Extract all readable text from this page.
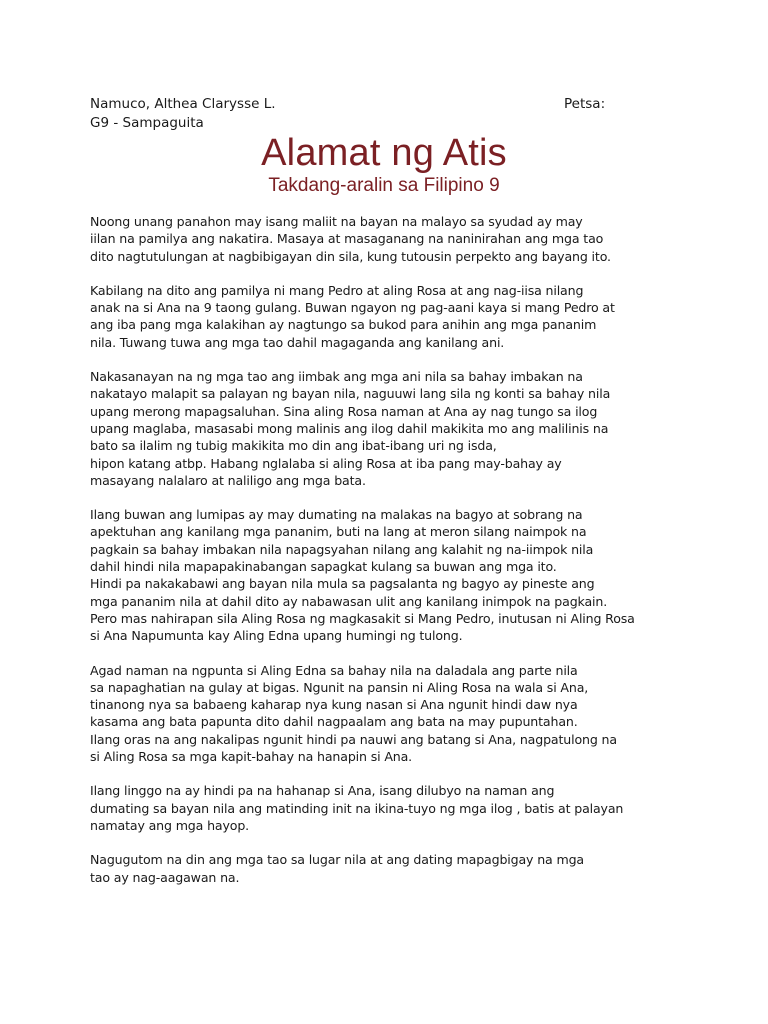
Namuco, Althea Clarysse L.
G9 - Sampaguita
Petsa:
Alamat ng Atis
Takdang-aralin sa Filipino 9

Noong unang panahon may isang maliit na bayan na malayo sa syudad ay may
iilan na pamilya ang nakatira. Masaya at masaganang na naninirahan ang mga tao
dito nagtutulungan at nagbibigayan din sila, kung tutousin perpekto ang bayang ito.

Kabilang na dito ang pamilya ni mang Pedro at aling Rosa at ang nag-iisa nilang
anak na si Ana na 9 taong gulang. Buwan ngayon ng pag-aani kaya si mang Pedro at
ang iba pang mga kalakihan ay nagtungo sa bukod para anihin ang mga pananim
nila. Tuwang tuwa ang mga tao dahil magaganda ang kanilang ani.

Nakasanayan na ng mga tao ang iimbak ang mga ani nila sa bahay imbakan na
nakatayo malapit sa palayan ng bayan nila, naguuwi lang sila ng konti sa bahay nila
upang merong mapagsaluhan. Sina aling Rosa naman at Ana ay nag tungo sa ilog
upang maglaba, masasabi mong malinis ang ilog dahil makikita mo ang malilinis na
bato sa ilalim ng tubig makikita mo din ang ibat-ibang uri ng isda,
hipon katang atbp. Habang nglalaba si aling Rosa at iba pang may-bahay ay
masayang nalalaro at naliligo ang mga bata.

Ilang buwan ang lumipas ay may dumating na malakas na bagyo at sobrang na
apektuhan ang kanilang mga pananim, buti na lang at meron silang naimpok na
pagkain sa bahay imbakan nila napagsyahan nilang ang kalahit ng na-iimpok nila
dahil hindi nila mapapakinabangan sapagkat kulang sa buwan ang mga ito.
Hindi pa nakakabawi ang bayan nila mula sa pagsalanta ng bagyo ay pineste ang
mga pananim nila at dahil dito ay nabawasan ulit ang kanilang inimpok na pagkain.
Pero mas nahirapan sila Aling Rosa ng magkasakit si Mang Pedro, inutusan ni Aling Rosa
si Ana Napumunta kay Aling Edna upang humingi ng tulong.

Agad naman na ngpunta si Aling Edna sa bahay nila na daladala ang parte nila
sa napaghatian na gulay at bigas. Ngunit na pansin ni Aling Rosa na wala si Ana,
tinanong nya sa babaeng kaharap nya kung nasan si Ana ngunit hindi daw nya
kasama ang bata papunta dito dahil nagpaalam ang bata na may pupuntahan.
Ilang oras na ang nakalipas ngunit hindi pa nauwi ang batang si Ana, nagpatulong na
si Aling Rosa sa mga kapit-bahay na hanapin si Ana.

Ilang linggo na ay hindi pa na hahanap si Ana, isang dilubyo na naman ang
dumating sa bayan nila ang matinding init na ikina-tuyo ng mga ilog , batis at palayan
namatay ang mga hayop.

Nagugutom na din ang mga tao sa lugar nila at ang dating mapagbigay na mga
tao ay nag-aagawan na.
